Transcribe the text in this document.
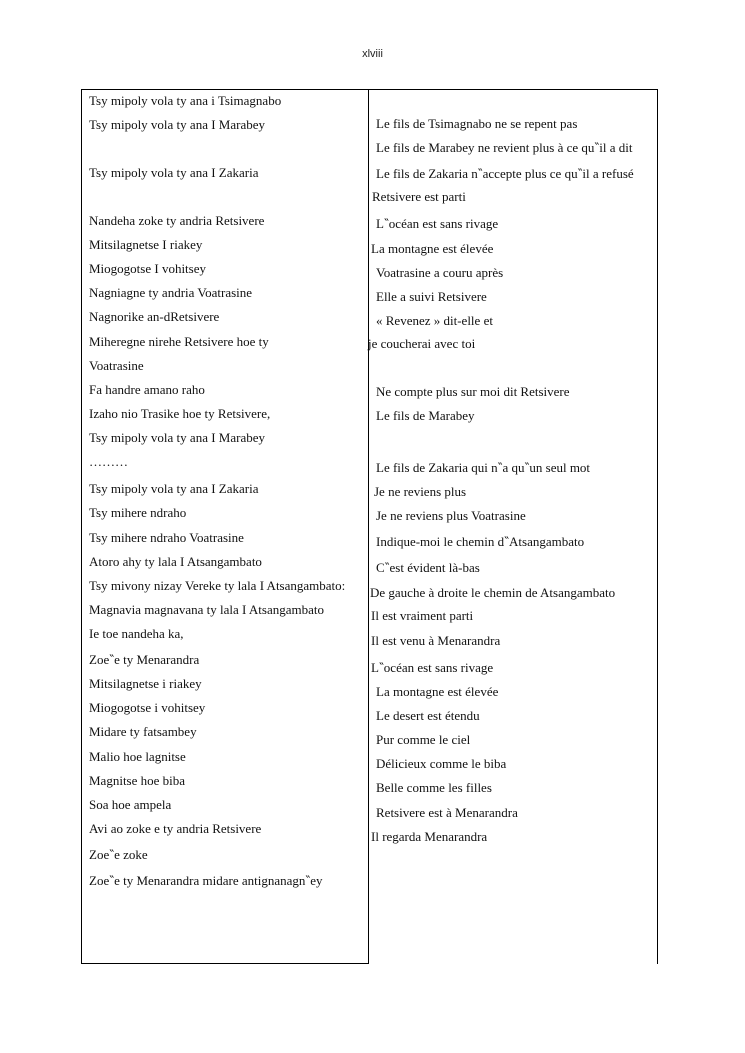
xlviii
Tsy mipoly vola ty ana i Tsimagnabo
Tsy mipoly vola ty ana I Marabey
Tsy mipoly vola ty ana I Zakaria
Nandeha zoke ty andria Retsivere
Mitsilagnetse I riakey
Miogogotse I vohitsey
Nagniagne ty andria Voatrasine
Nagnorike an-dRetsivere
Miheregne nirehe Retsivere hoe ty
Voatrasine
Fa handre amano raho
Izaho nio Trasike hoe ty Retsivere,
Tsy mipoly vola ty ana I Marabey
………
Tsy mipoly vola ty ana I Zakaria
Tsy mihere ndraho
Tsy mihere ndraho Voatrasine
Atoro ahy ty lala I Atsangambato
Tsy mivony nizay Vereke ty lala I Atsangambato:
Magnavia magnavana ty lala I Atsangambato
Ie toe nandeha ka,
Zoe‶e ty Menarandra
Mitsilagnetse i riakey
Miogogotse i vohitsey
Midare ty fatsambey
Malio hoe lagnitse
Magnitse hoe biba
Soa hoe ampela
Avi ao zoke e ty andria Retsivere
Zoe‶e zoke
Zoe‶e ty Menarandra midare antignanagn‶ey
Le fils de Tsimagnabo ne se repent pas
Le fils de Marabey ne revient plus à ce qu‶il a dit
Le fils de Zakaria n‶accepte plus ce qu‶il a refusé
Retsivere est parti
L‶océan est sans rivage
La montagne est élevée
Voatrasine a couru après
Elle a suivi Retsivere
« Revenez » dit-elle et
je coucherai avec toi
Ne compte plus sur moi dit Retsivere
Le fils de Marabey
Le fils de Zakaria qui n‶a qu‶un seul mot
Je ne reviens plus
Je ne reviens plus Voatrasine
Indique-moi le chemin d‶Atsangambato
C‶est évident là-bas
De gauche à droite le chemin de Atsangambato
Il est vraiment parti
Il est venu à Menarandra
L‶océan est sans rivage
La montagne est élevée
Le desert est étendu
Pur comme le ciel
Délicieux comme le biba
Belle comme les filles
Retsivere est à Menarandra
Il regarda Menarandra
